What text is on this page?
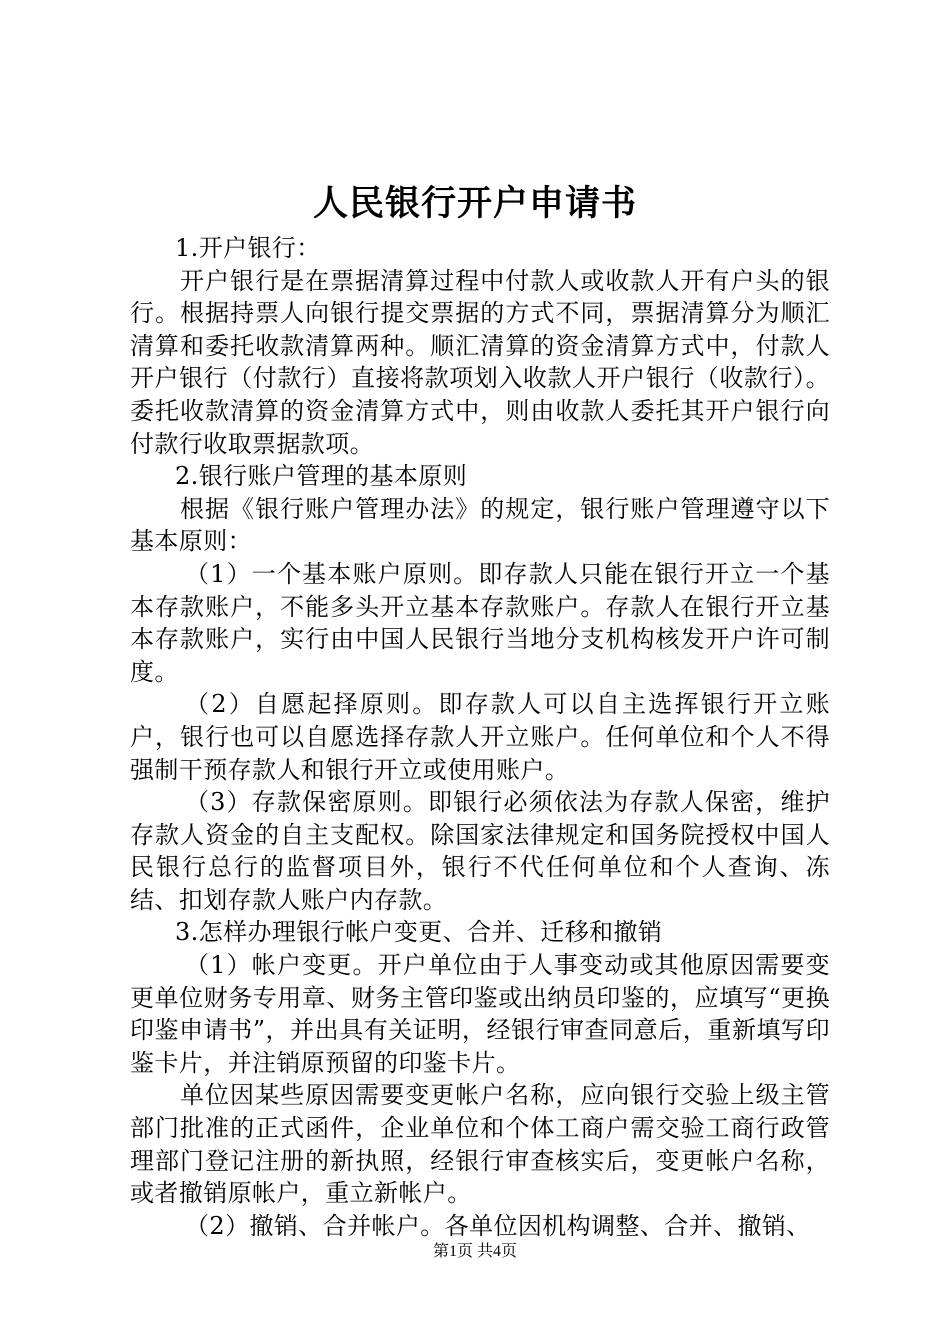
人民银行开户申请书

1.开户银行：

开户银行是在票据清算过程中付款人或收款人开有户头的银行。根据持票人向银行提交票据的方式不同，票据清算分为顺汇清算和委托收款清算两种。顺汇清算的资金清算方式中，付款人开户银行（付款行）直接将款项划入收款人开户银行（收款行）。委托收款清算的资金清算方式中，则由收款人委托其开户银行向付款行收取票据款项。

2.银行账户管理的基本原则

根据《银行账户管理办法》的规定，银行账户管理遵守以下基本原则：

（1）一个基本账户原则。即存款人只能在银行开立一个基本存款账户，不能多头开立基本存款账户。存款人在银行开立基本存款账户，实行由中国人民银行当地分支机构核发开户许可制度。

（2）自愿起择原则。即存款人可以自主选挥银行开立账户，银行也可以自愿选择存款人开立账户。任何单位和个人不得强制干预存款人和银行开立或使用账户。

（3）存款保密原则。即银行必须依法为存款人保密，维护存款人资金的自主支配权。除国家法律规定和国务院授权中国人民银行总行的监督项目外，银行不代任何单位和个人查询、冻结、扣划存款人账户内存款。

3.怎样办理银行帐户变更、合并、迁移和撤销

（1）帐户变更。开户单位由于人事变动或其他原因需要变更单位财务专用章、财务主管印鉴或出纳员印鉴的，应填写“更换印鉴申请书”，并出具有关证明，经银行审查同意后，重新填写印鉴卡片，并注销原预留的印鉴卡片。

单位因某些原因需要变更帐户名称，应向银行交验上级主管部门批准的正式函件，企业单位和个体工商户需交验工商行政管理部门登记注册的新执照，经银行审查核实后，变更帐户名称，或者撤销原帐户，重立新帐户。

（2）撤销、合并帐户。各单位因机构调整、合并、撤销、

第1页 共4页
